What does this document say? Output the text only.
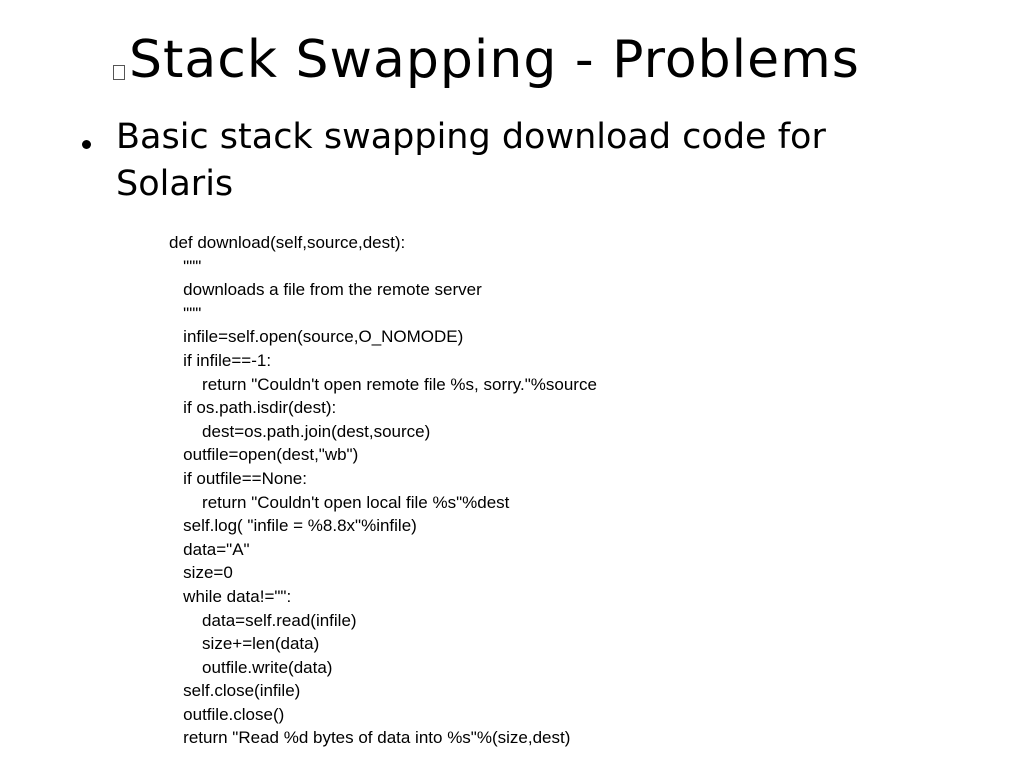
Stack Swapping - Problems
Basic stack swapping download code for Solaris
def download(self,source,dest):
"""
downloads a file from the remote server
"""
infile=self.open(source,O_NOMODE)
if infile==-1:
return "Couldn't open remote file %s, sorry."%source
if os.path.isdir(dest):
dest=os.path.join(dest,source)
outfile=open(dest,"wb")
if outfile==None:
return "Couldn't open local file %s"%dest
self.log( "infile = %8.8x"%infile)
data="A"
size=0
while data!="":
data=self.read(infile)
size+=len(data)
outfile.write(data)
self.close(infile)
outfile.close()
return "Read %d bytes of data into %s"%(size,dest)
